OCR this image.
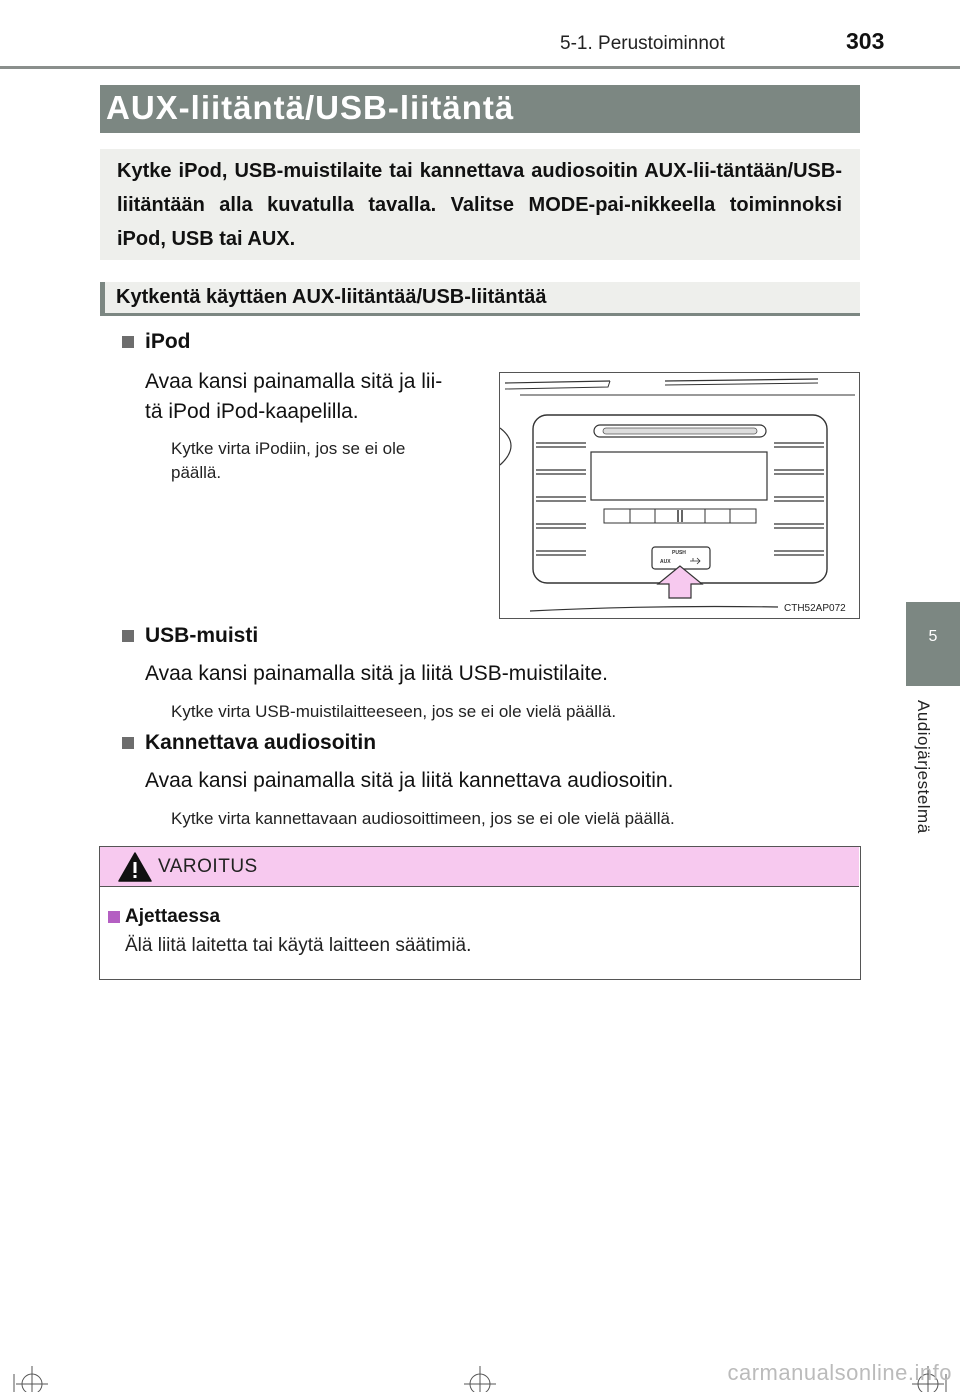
5-1. Perustoiminnot	303
5
Audiojärjestelmä
AUX-liitäntä/USB-liitäntä
Kytke iPod, USB-muistilaite tai kannettava audiosoitin AUX-lii-täntään/USB-liitäntään alla kuvatulla tavalla. Valitse MODE-pai-nikkeella toiminnoksi iPod, USB tai AUX.
Kytkentä käyttäen AUX-liitäntää/USB-liitäntää
iPod
Avaa kansi painamalla sitä ja lii-
tä iPod iPod-kaapelilla.
Kytke virta iPodiin, jos se ei ole
päällä.
PUSH
AUX
CTH52AP072
USB-muisti
Avaa kansi painamalla sitä ja liitä USB-muistilaite.
Kytke virta USB-muistilaitteeseen, jos se ei ole vielä päällä.
Kannettava audiosoitin
Avaa kansi painamalla sitä ja liitä kannettava audiosoitin.
Kytke virta kannettavaan audiosoittimeen, jos se ei ole vielä päällä.
VAROITUS
Ajettaessa
Älä liitä laitetta tai käytä laitteen säätimiä.
carmanualsonline.info
